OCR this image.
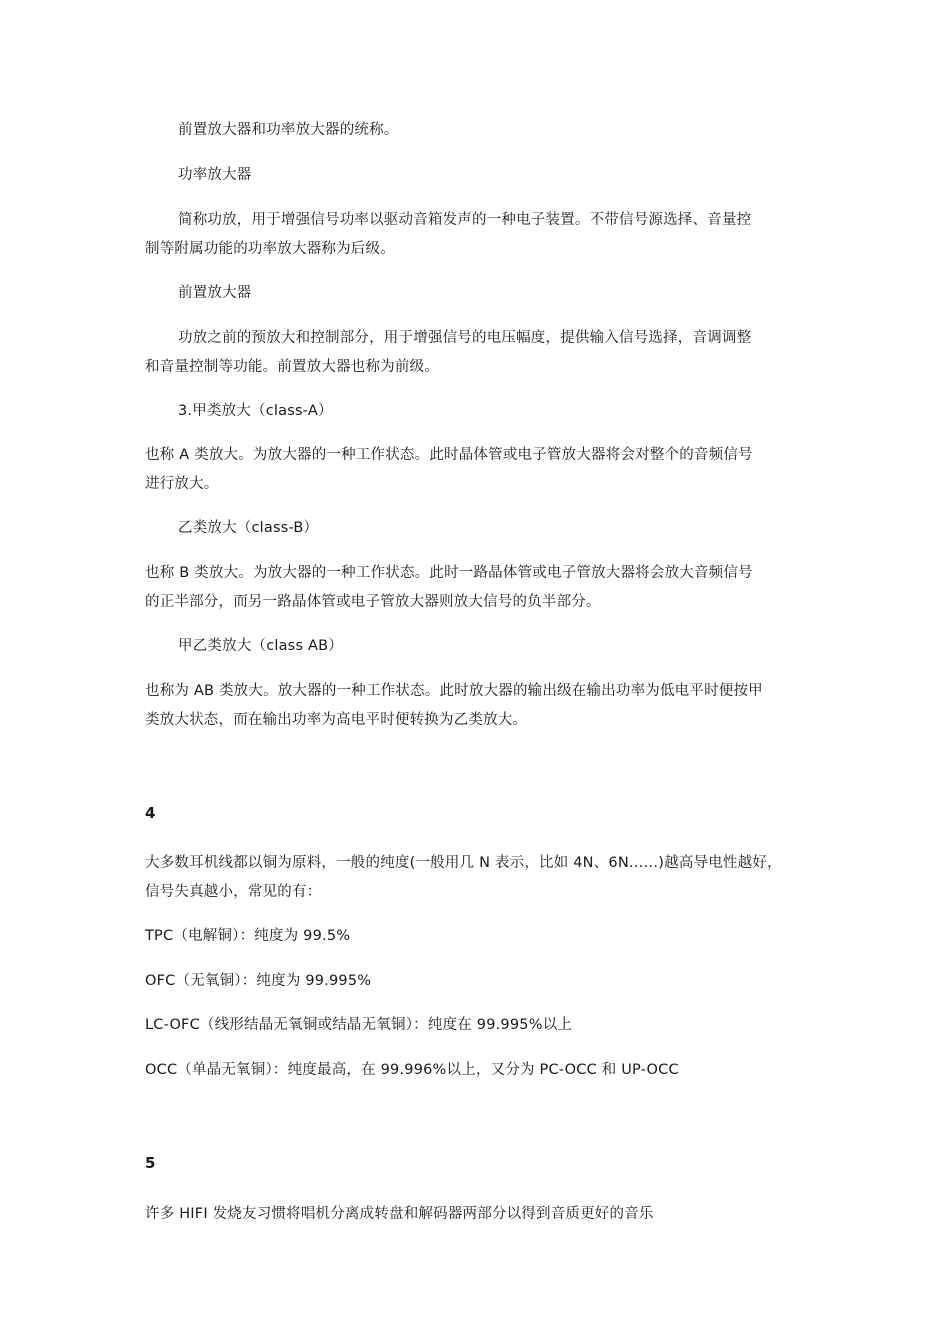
前置放大器和功率放大器的统称。
功率放大器
简称功放，用于增强信号功率以驱动音箱发声的一种电子装置。不带信号源选择、音量控
制等附属功能的功率放大器称为后级。
前置放大器
功放之前的预放大和控制部分，用于增强信号的电压幅度，提供输入信号选择，音调调整
和音量控制等功能。前置放大器也称为前级。
3.甲类放大（class-A）
也称 A 类放大。为放大器的一种工作状态。此时晶体管或电子管放大器将会对整个的音频信号
进行放大。
乙类放大（class-B）
也称 B 类放大。为放大器的一种工作状态。此时一路晶体管或电子管放大器将会放大音频信号
的正半部分，而另一路晶体管或电子管放大器则放大信号的负半部分。
甲乙类放大（class AB）
也称为 AB 类放大。放大器的一种工作状态。此时放大器的输出级在输出功率为低电平时便按甲
类放大状态，而在输出功率为高电平时便转换为乙类放大。
4
大多数耳机线都以铜为原料，一般的纯度(一般用几 N 表示，比如 4N、6N……)越高导电性越好，
信号失真越小，常见的有：
TPC（电解铜）：纯度为 99.5%
OFC（无氧铜）：纯度为 99.995%
LC-OFC（线形结晶无氧铜或结晶无氧铜）：纯度在 99.995%以上
OCC（单晶无氧铜）：纯度最高，在 99.996%以上，又分为 PC-OCC 和 UP-OCC
5
许多 HIFI 发烧友习惯将唱机分离成转盘和解码器两部分以得到音质更好的音乐
